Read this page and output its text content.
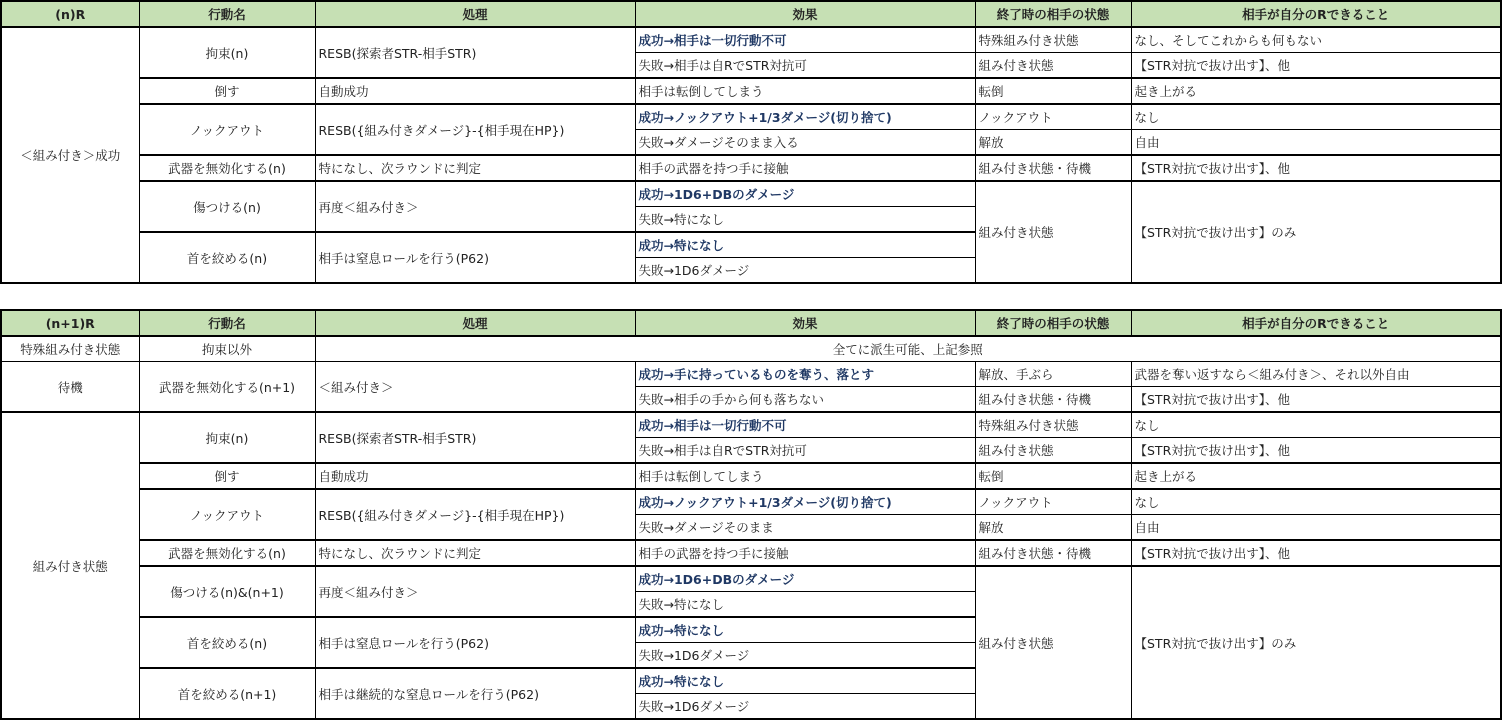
(n)R	行動名	処理	効果	終了時の相手の状態	相手が自分のRできること
＜組み付き＞成功	拘束(n)	RESB(探索者STR-相手STR)	成功→相手は一切行動不可	特殊組み付き状態	なし、そしてこれからも何もない
			失敗→相手は自RでSTR対抗可	組み付き状態	【STR対抗で抜け出す】、他
	倒す	自動成功	相手は転倒してしまう	転倒	起き上がる
	ノックアウト	RESB({組み付きダメージ}-{相手現在HP})	成功→ノックアウト+1/3ダメージ(切り捨て)	ノックアウト	なし
			失敗→ダメージそのまま入る	解放	自由
	武器を無効化する(n)	特になし、次ラウンドに判定	相手の武器を持つ手に接触	組み付き状態・待機	【STR対抗で抜け出す】、他
	傷つける(n)	再度＜組み付き＞	成功→1D6+DBのダメージ	組み付き状態	【STR対抗で抜け出す】のみ
			失敗→特になし		
	首を絞める(n)	相手は窒息ロールを行う(P62)	成功→特になし		
			失敗→1D6ダメージ		
(n+1)R	行動名	処理	効果	終了時の相手の状態	相手が自分のRできること
特殊組み付き状態	拘束以外	全てに派生可能、上記参照			
待機	武器を無効化する(n+1)	＜組み付き＞	成功→手に持っているものを奪う、落とす	解放、手ぶら	武器を奪い返すなら＜組み付き＞、それ以外自由
			失敗→相手の手から何も落ちない	組み付き状態・待機	【STR対抗で抜け出す】、他
組み付き状態	拘束(n)	RESB(探索者STR-相手STR)	成功→相手は一切行動不可	特殊組み付き状態	なし
			失敗→相手は自RでSTR対抗可	組み付き状態	【STR対抗で抜け出す】、他
	倒す	自動成功	相手は転倒してしまう	転倒	起き上がる
	ノックアウト	RESB({組み付きダメージ}-{相手現在HP})	成功→ノックアウト+1/3ダメージ(切り捨て)	ノックアウト	なし
			失敗→ダメージそのまま	解放	自由
	武器を無効化する(n)	特になし、次ラウンドに判定	相手の武器を持つ手に接触	組み付き状態・待機	【STR対抗で抜け出す】、他
	傷つける(n)&(n+1)	再度＜組み付き＞	成功→1D6+DBのダメージ	組み付き状態	【STR対抗で抜け出す】のみ
			失敗→特になし		
	首を絞める(n)	相手は窒息ロールを行う(P62)	成功→特になし		
			失敗→1D6ダメージ		
	首を絞める(n+1)	相手は継続的な窒息ロールを行う(P62)	成功→特になし		
			失敗→1D6ダメージ		
